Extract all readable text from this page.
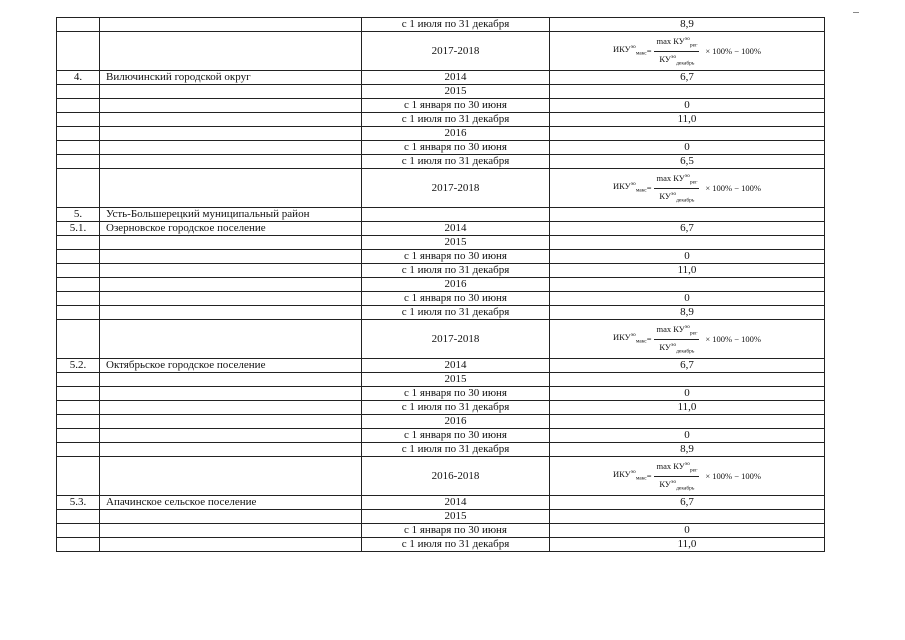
		с 1 июля по 31 декабря	8,9
		2017-2018	$ИКУ^{эо}_{макс} = \frac{\max КУ^{эо}_{рег}}{КУ^{эо}_{декабрь}} \times 100\% - 100\%$

4.	Вилючинский городской округ	2014	6,7
		2015	
		с 1 января по 30 июня	0
		с 1 июля по 31 декабря	11,0
		2016	
		с 1 января по 30 июня	0
		с 1 июля по 31 декабря	6,5
		2017-2018	$ИКУ^{эо}_{макс} = \frac{\max КУ^{эо}_{рег}}{КУ^{эо}_{декабрь}} \times 100\% - 100\%$

5.	Усть-Большерецкий муниципальный район		
5.1.	Озерновское городское поселение	2014	6,7
		2015	
		с 1 января по 30 июня	0
		с 1 июля по 31 декабря	11,0
		2016	
		с 1 января по 30 июня	0
		с 1 июля по 31 декабря	8,9
		2017-2018	$ИКУ^{эо}_{макс} = \frac{\max КУ^{эо}_{рег}}{КУ^{эо}_{декабрь}} \times 100\% - 100\%$

5.2.	Октябрьское городское поселение	2014	6,7
		2015	
		с 1 января по 30 июня	0
		с 1 июля по 31 декабря	11,0
		2016	
		с 1 января по 30 июня	0
		с 1 июля по 31 декабря	8,9
		2016-2018	$ИКУ^{эо}_{макс} = \frac{\max КУ^{эо}_{рег}}{КУ^{эо}_{декабрь}} \times 100\% - 100\%$

5.3.	Апачинское сельское поселение	2014	6,7
		2015	
		с 1 января по 30 июня	0
		с 1 июля по 31 декабря	11,0
